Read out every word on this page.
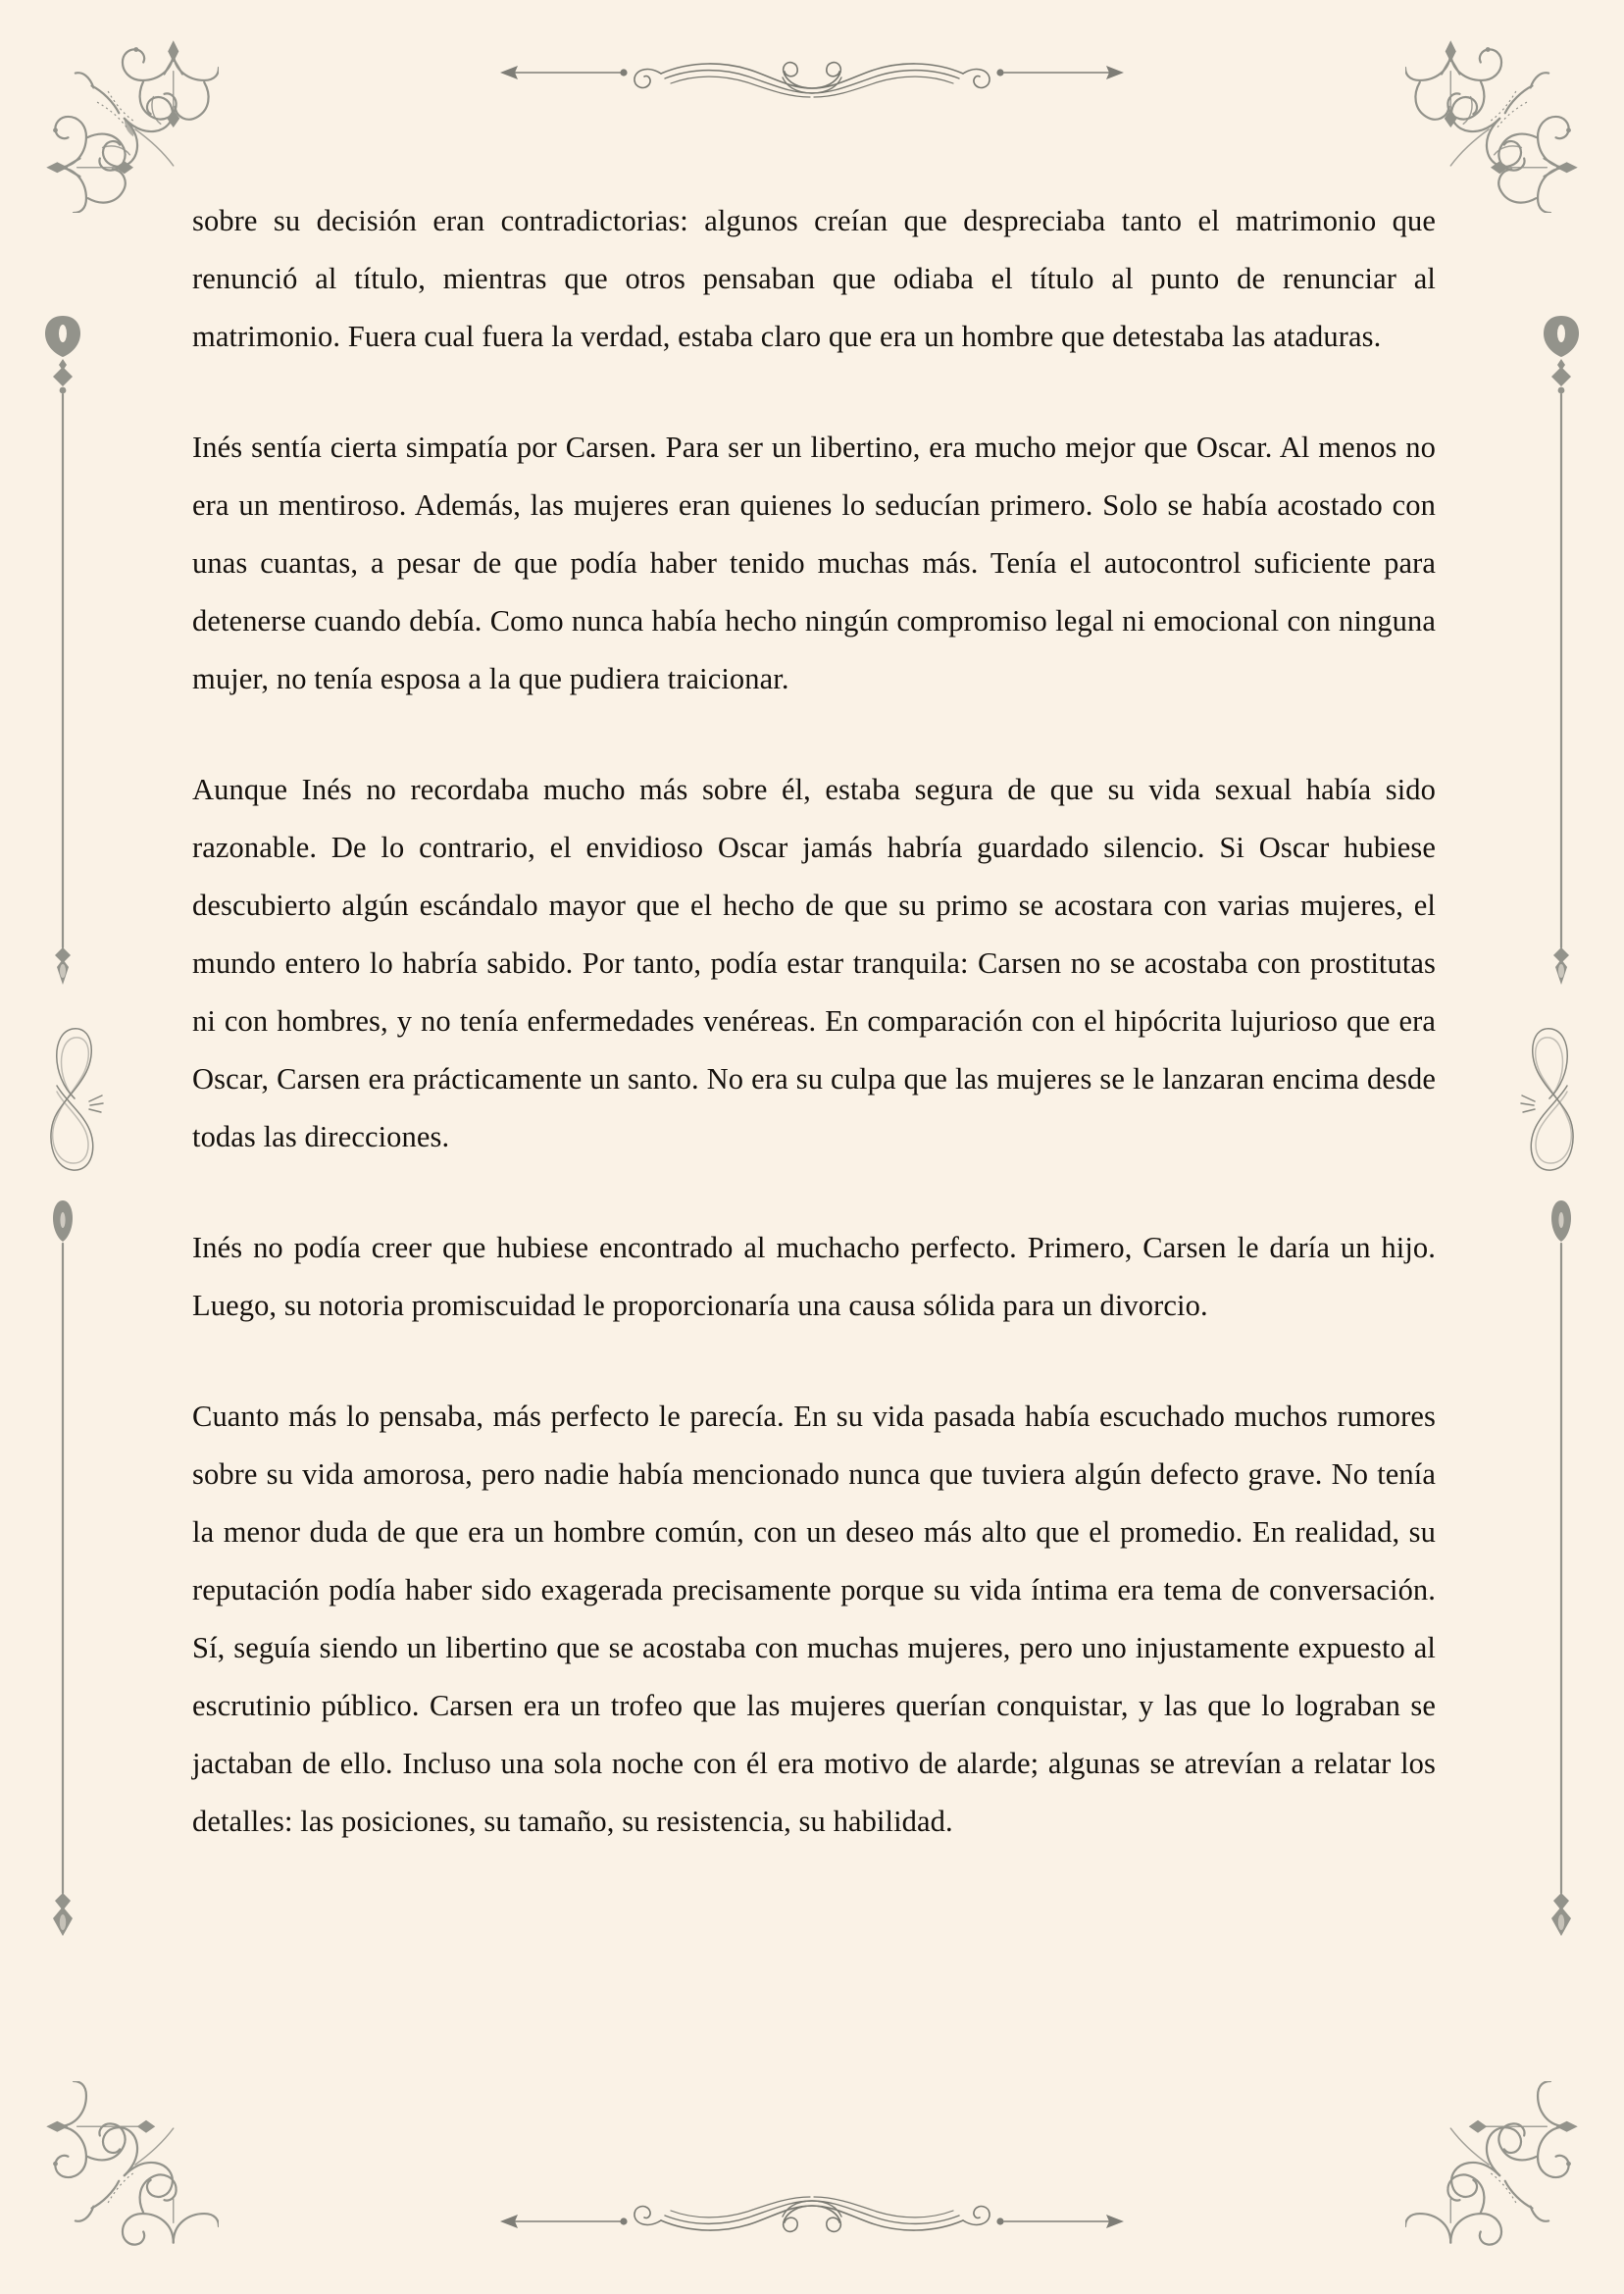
sobre su decisión eran contradictorias: algunos creían que despreciaba tanto el matrimonio que renunció al título, mientras que otros pensaban que odiaba el título al punto de renunciar al matrimonio. Fuera cual fuera la verdad, estaba claro que era un hombre que detestaba las ataduras.

Inés sentía cierta simpatía por Carsen. Para ser un libertino, era mucho mejor que Oscar. Al menos no era un mentiroso. Además, las mujeres eran quienes lo seducían primero. Solo se había acostado con unas cuantas, a pesar de que podía haber tenido muchas más. Tenía el autocontrol suficiente para detenerse cuando debía. Como nunca había hecho ningún compromiso legal ni emocional con ninguna mujer, no tenía esposa a la que pudiera traicionar.

Aunque Inés no recordaba mucho más sobre él, estaba segura de que su vida sexual había sido razonable. De lo contrario, el envidioso Oscar jamás habría guardado silencio. Si Oscar hubiese descubierto algún escándalo mayor que el hecho de que su primo se acostara con varias mujeres, el mundo entero lo habría sabido. Por tanto, podía estar tranquila: Carsen no se acostaba con prostitutas ni con hombres, y no tenía enfermedades venéreas. En comparación con el hipócrita lujurioso que era Oscar, Carsen era prácticamente un santo. No era su culpa que las mujeres se le lanzaran encima desde todas las direcciones.

Inés no podía creer que hubiese encontrado al muchacho perfecto. Primero, Carsen le daría un hijo. Luego, su notoria promiscuidad le proporcionaría una causa sólida para un divorcio.

Cuanto más lo pensaba, más perfecto le parecía. En su vida pasada había escuchado muchos rumores sobre su vida amorosa, pero nadie había mencionado nunca que tuviera algún defecto grave. No tenía la menor duda de que era un hombre común, con un deseo más alto que el promedio. En realidad, su reputación podía haber sido exagerada precisamente porque su vida íntima era tema de conversación. Sí, seguía siendo un libertino que se acostaba con muchas mujeres, pero uno injustamente expuesto al escrutinio público. Carsen era un trofeo que las mujeres querían conquistar, y las que lo lograban se jactaban de ello. Incluso una sola noche con él era motivo de alarde; algunas se atrevían a relatar los detalles: las posiciones, su tamaño, su resistencia, su habilidad.
